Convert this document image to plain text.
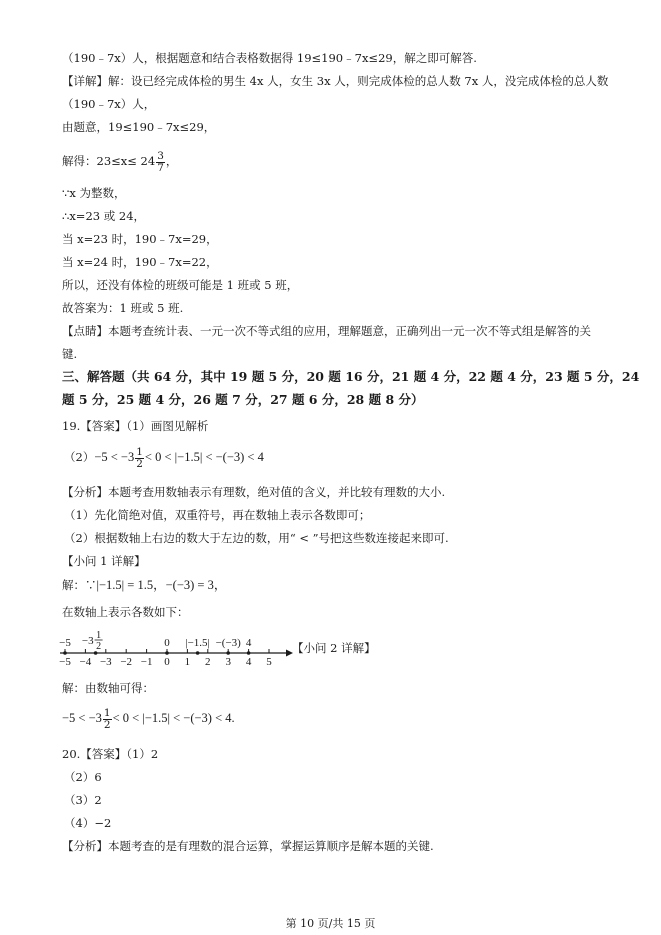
（190﹣7x）人，根据题意和结合表格数据得 19≤190﹣7x≤29，解之即可解答.
【详解】解：设已经完成体检的男生 4x 人，女生 3x 人，则完成体检的总人数 7x 人，没完成体检的总人数
（190﹣7x）人，
由题意，19≤190﹣7x≤29，
解得：$23\le x\le 24 \frac{3}{7}$ ，
∵x 为整数，
∴x=23 或 24，
当 x=23 时，190﹣7x=29，
当 x=24 时，190﹣7x=22，
所以，还没有体检的班级可能是 1 班或 5 班，
故答案为：1 班或 5 班.
【点睛】本题考查统计表、一元一次不等式组的应用，理解题意，正确列出一元一次不等式组是解答的关
键.
三、解答题（共 64 分，其中 19 题 5 分，20 题 16 分，21 题 4 分，22 题 4 分，23 题 5 分，24
题 5 分，25 题 4 分，26 题 7 分，27 题 6 分，28 题 8 分）
19.【答案】（1）画图见解析
$(2)-5 < -3 \frac{1}{2} < 0 < |-1.5| < -(-3) < 4$
【分析】本题考查用数轴表示有理数，绝对值的含义，并比较有理数的大小.
（1）先化简绝对值，双重符号，再在数轴上表示各数即可；
（2）根据数轴上右边的数大于左边的数，用“ < ”号把这些数连接起来即可.
【小问 1 详解】
解：∵|−1.5| = 1.5，−(−3) = 3，
在数轴上表示各数如下：
−5 −4 −3 −2 −1 0 1 2 3 4 5
−5 −3 1
2	0 |−1.5| −(−3) 4	【小问 2 详解】
解：由数轴可得：
$-5 < -3 \frac{1}{2} < 0 < |-1.5| < -(-3) < 4$.
20.【答案】（1）2
（2）6
（3）2
（4）−2
【分析】本题考查的是有理数的混合运算，掌握运算顺序是解本题的关键.
第 10 页/共 15 页
